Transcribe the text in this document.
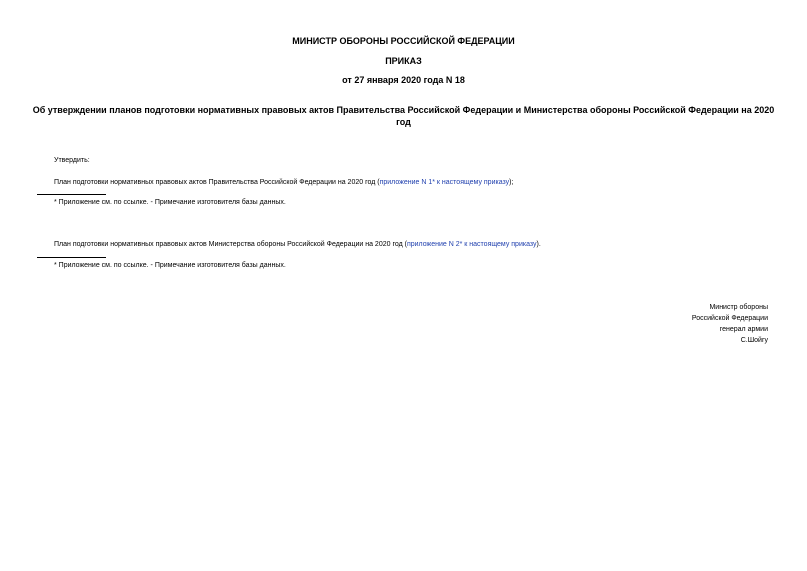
МИНИСТР ОБОРОНЫ РОССИЙСКОЙ ФЕДЕРАЦИИ

ПРИКАЗ

от 27 января 2020 года N 18

Об утверждении планов подготовки нормативных правовых актов Правительства Российской Федерации и Министерства обороны Российской Федерации на 2020 год

Утвердить:

План подготовки нормативных правовых актов Правительства Российской Федерации на 2020 год (приложение N 1* к настоящему приказу);

* Приложение см. по ссылке. - Примечание изготовителя базы данных.

План подготовки нормативных правовых актов Министерства обороны Российской Федерации на 2020 год (приложение N 2* к настоящему приказу).

* Приложение см. по ссылке. - Примечание изготовителя базы данных.

Министр обороны
Российской Федерации
генерал армии
С.Шойгу
